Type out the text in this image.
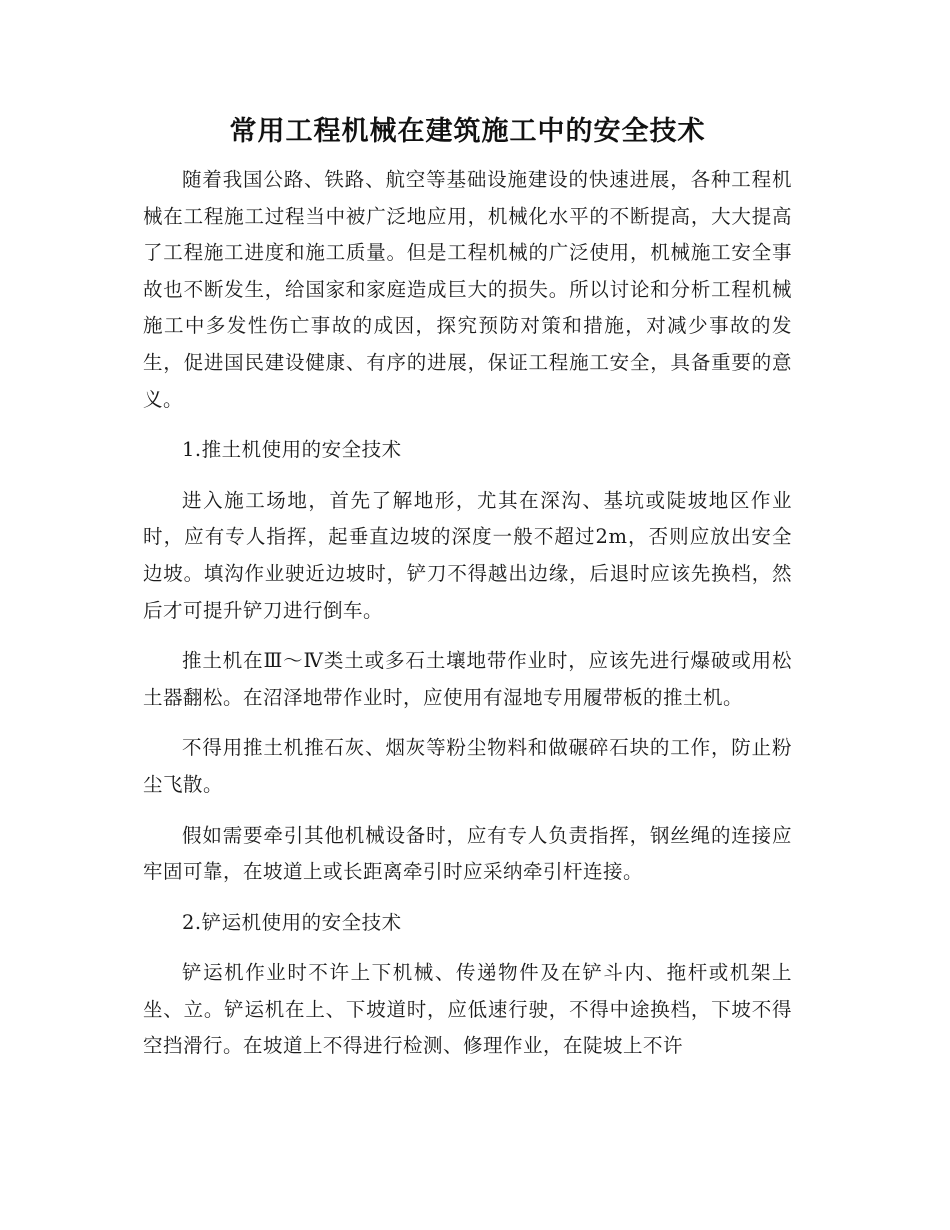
常用工程机械在建筑施工中的安全技术

随着我国公路、铁路、航空等基础设施建设的快速进展，各种工程机械在工程施工过程当中被广泛地应用，机械化水平的不断提高，大大提高了工程施工进度和施工质量。但是工程机械的广泛使用，机械施工安全事故也不断发生，给国家和家庭造成巨大的损失。所以讨论和分析工程机械施工中多发性伤亡事故的成因，探究预防对策和措施，对减少事故的发生，促进国民建设健康、有序的进展，保证工程施工安全，具备重要的意义。

1.推土机使用的安全技术

进入施工场地，首先了解地形，尤其在深沟、基坑或陡坡地区作业时，应有专人指挥，起垂直边坡的深度一般不超过2m，否则应放出安全边坡。填沟作业驶近边坡时，铲刀不得越出边缘，后退时应该先换档，然后才可提升铲刀进行倒车。

推土机在Ⅲ～Ⅳ类土或多石土壤地带作业时，应该先进行爆破或用松土器翻松。在沼泽地带作业时，应使用有湿地专用履带板的推土机。

不得用推土机推石灰、烟灰等粉尘物料和做碾碎石块的工作，防止粉尘飞散。

假如需要牵引其他机械设备时，应有专人负责指挥，钢丝绳的连接应牢固可靠，在坡道上或长距离牵引时应采纳牵引杆连接。

2.铲运机使用的安全技术

铲运机作业时不许上下机械、传递物件及在铲斗内、拖杆或机架上坐、立。铲运机在上、下坡道时，应低速行驶，不得中途换档，下坡不得空挡滑行。在坡道上不得进行检测、修理作业，在陡坡上不许
